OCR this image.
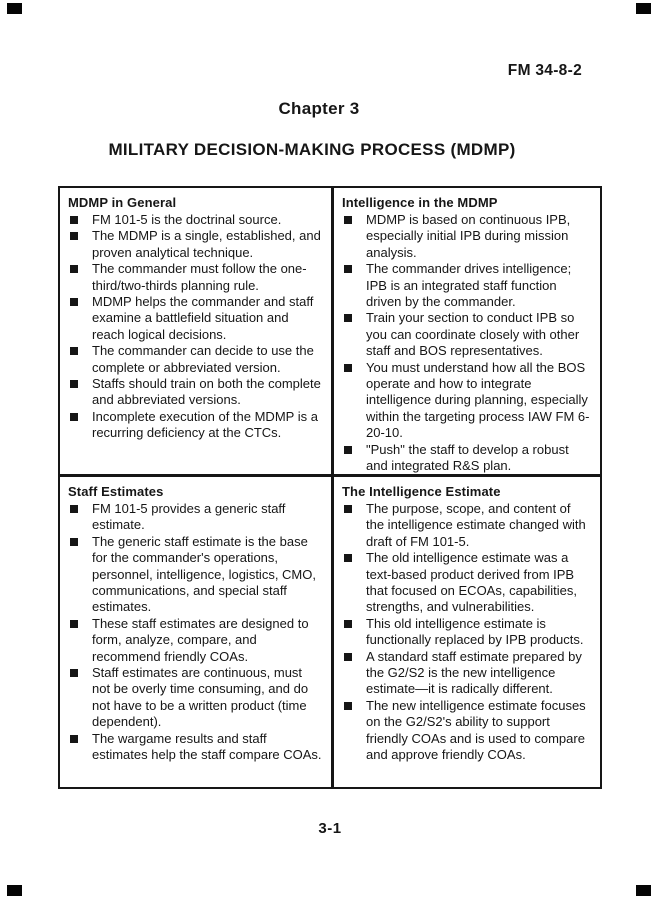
FM 34-8-2
Chapter 3
MILITARY DECISION-MAKING PROCESS (MDMP)
MDMP in General
FM 101-5 is the doctrinal source.
The MDMP is a single, established, and proven analytical technique.
The commander must follow the one-third/two-thirds planning rule.
MDMP helps the commander and staff examine a battlefield situation and reach logical decisions.
The commander can decide to use the complete or abbreviated version.
Staffs should train on both the complete and abbreviated versions.
Incomplete execution of the MDMP is a recurring deficiency at the CTCs.
Intelligence in the MDMP
MDMP is based on continuous IPB, especially initial IPB during mission analysis.
The commander drives intelligence; IPB is an integrated staff function driven by the commander.
Train your section to conduct IPB so you can coordinate closely with other staff and BOS representatives.
You must understand how all the BOS operate and how to integrate intelligence during planning, especially within the targeting process IAW FM 6-20-10.
"Push" the staff to develop a robust and integrated R&S plan.
Staff Estimates
FM 101-5 provides a generic staff estimate.
The generic staff estimate is the base for the commander's operations, personnel, intelligence, logistics, CMO, communications, and special staff estimates.
These staff estimates are designed to form, analyze, compare, and recommend friendly COAs.
Staff estimates are continuous, must not be overly time consuming, and do not have to be a written product (time dependent).
The wargame results and staff estimates help the staff compare COAs.
The Intelligence Estimate
The purpose, scope, and content of the intelligence estimate changed with draft of FM 101-5.
The old intelligence estimate was a text-based product derived from IPB that focused on ECOAs, capabilities, strengths, and vulnerabilities.
This old intelligence estimate is functionally replaced by IPB products.
A standard staff estimate prepared by the G2/S2 is the new intelligence estimate—it is radically different.
The new intelligence estimate focuses on the G2/S2's ability to support friendly COAs and is used to compare and approve friendly COAs.
3-1
